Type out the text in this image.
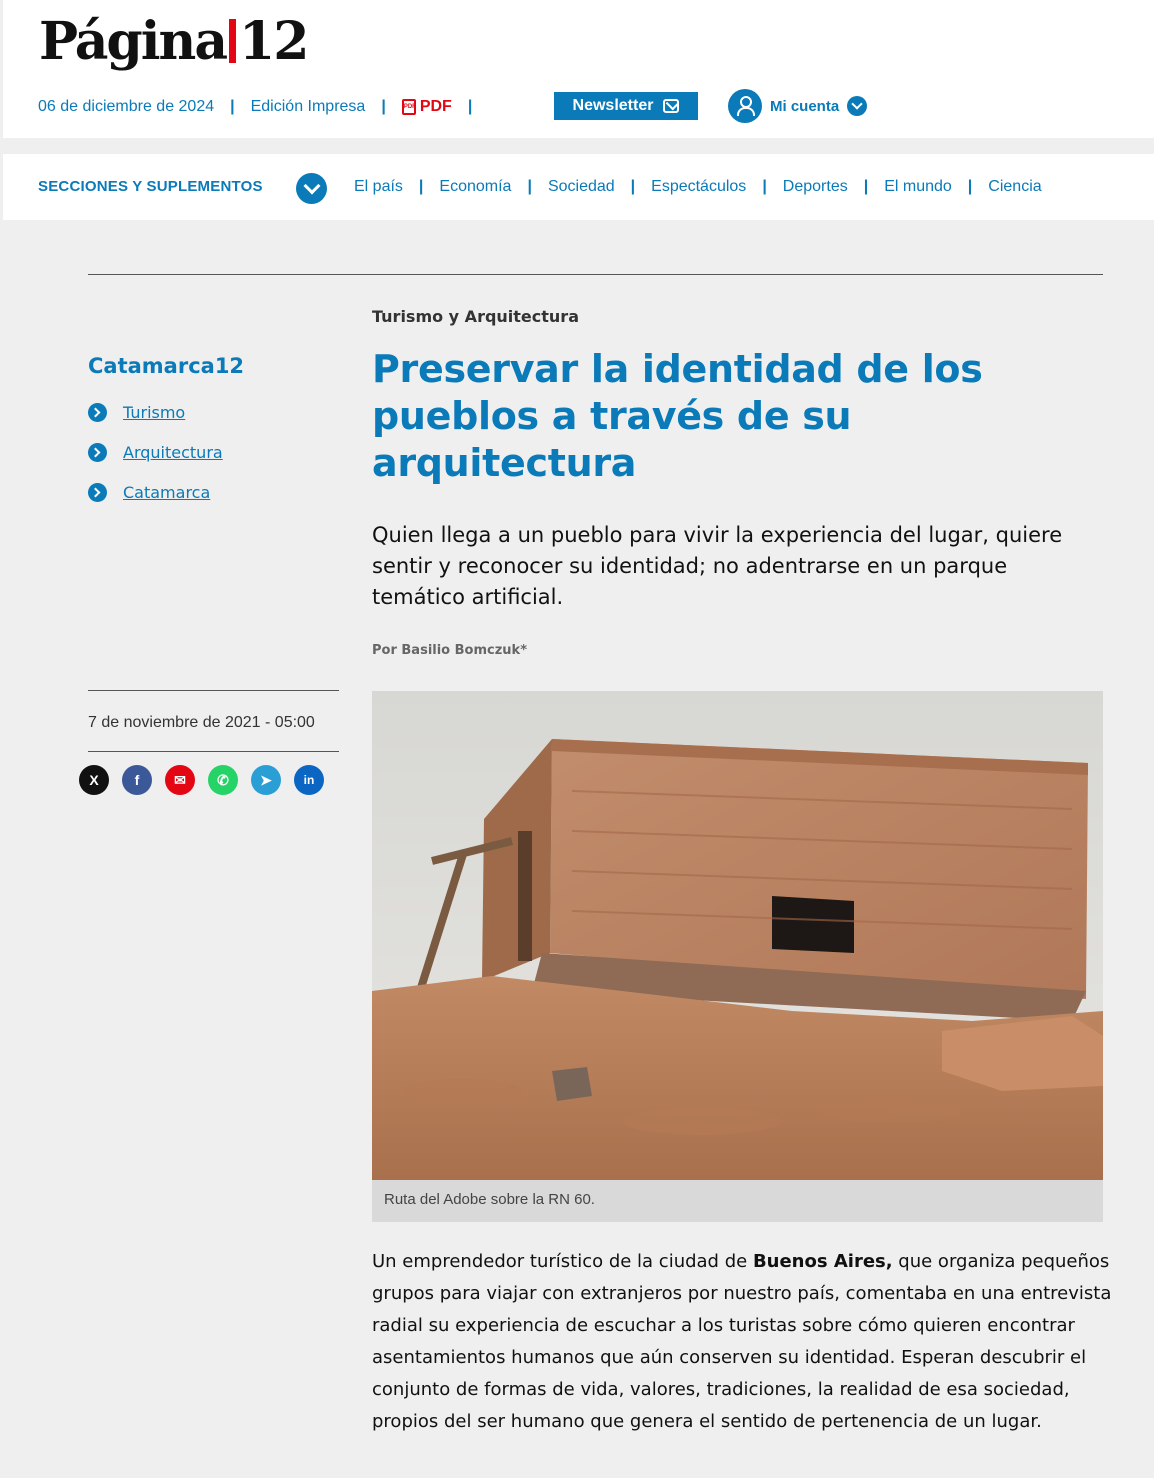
Página 12
06 de diciembre de 2024 | Edición Impresa |	PDF PDF |	Newsletter	Mi cuenta
SECCIONES Y SUPLEMENTOS	El país | Economía | Sociedad | Espectáculos | Deportes | El mundo | Ciencia
Catamarca12
Turismo
Arquitectura
Catamarca
7 de noviembre de 2021 - 05:00
X	f	✉	✆	➤	in
Turismo y Arquitectura
Preservar la identidad de los pueblos a través de su arquitectura

Quien llega a un pueblo para vivir la experiencia del lugar, quiere sentir y reconocer su identidad; no adentrarse en un parque temático artificial.

Por Basilio Bomczuk*
Ruta del Adobe sobre la RN 60.

Un emprendedor turístico de la ciudad de Buenos Aires, que organiza pequeños grupos para viajar con extranjeros por nuestro país, comentaba en una entrevista radial su experiencia de escuchar a los turistas sobre cómo quieren encontrar asentamientos humanos que aún conserven su identidad. Esperan descubrir el conjunto de formas de vida, valores, tradiciones, la realidad de esa sociedad, propios del ser humano que genera el sentido de pertenencia de un lugar.
